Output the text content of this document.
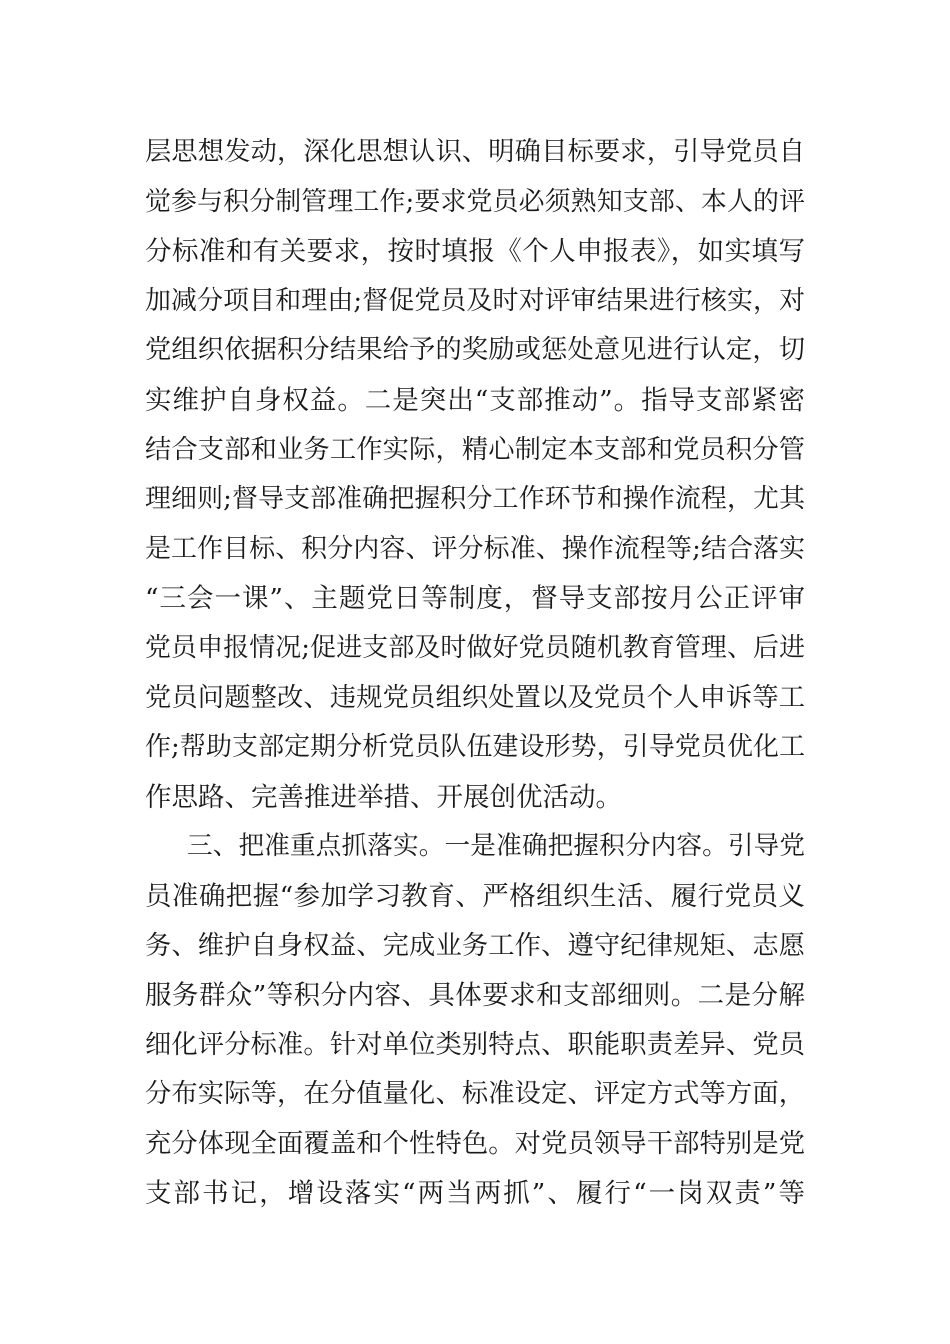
层思想发动，深化思想认识、明确目标要求，引导党员自
觉参与积分制管理工作;要求党员必须熟知支部、本人的评
分标准和有关要求，按时填报《个人申报表》，如实填写
加减分项目和理由;督促党员及时对评审结果进行核实，对
党组织依据积分结果给予的奖励或惩处意见进行认定，切
实维护自身权益。二是突出“支部推动”。指导支部紧密
结合支部和业务工作实际，精心制定本支部和党员积分管
理细则;督导支部准确把握积分工作环节和操作流程，尤其
是工作目标、积分内容、评分标准、操作流程等;结合落实
“三会一课”、主题党日等制度，督导支部按月公正评审
党员申报情况;促进支部及时做好党员随机教育管理、后进
党员问题整改、违规党员组织处置以及党员个人申诉等工
作;帮助支部定期分析党员队伍建设形势，引导党员优化工
作思路、完善推进举措、开展创优活动。
三、把准重点抓落实。一是准确把握积分内容。引导党
员准确把握“参加学习教育、严格组织生活、履行党员义
务、维护自身权益、完成业务工作、遵守纪律规矩、志愿
服务群众”等积分内容、具体要求和支部细则。二是分解
细化评分标准。针对单位类别特点、职能职责差异、党员
分布实际等，在分值量化、标准设定、评定方式等方面，
充分体现全面覆盖和个性特色。对党员领导干部特别是党
支部书记，增设落实“两当两抓”、履行“一岗双责”等
